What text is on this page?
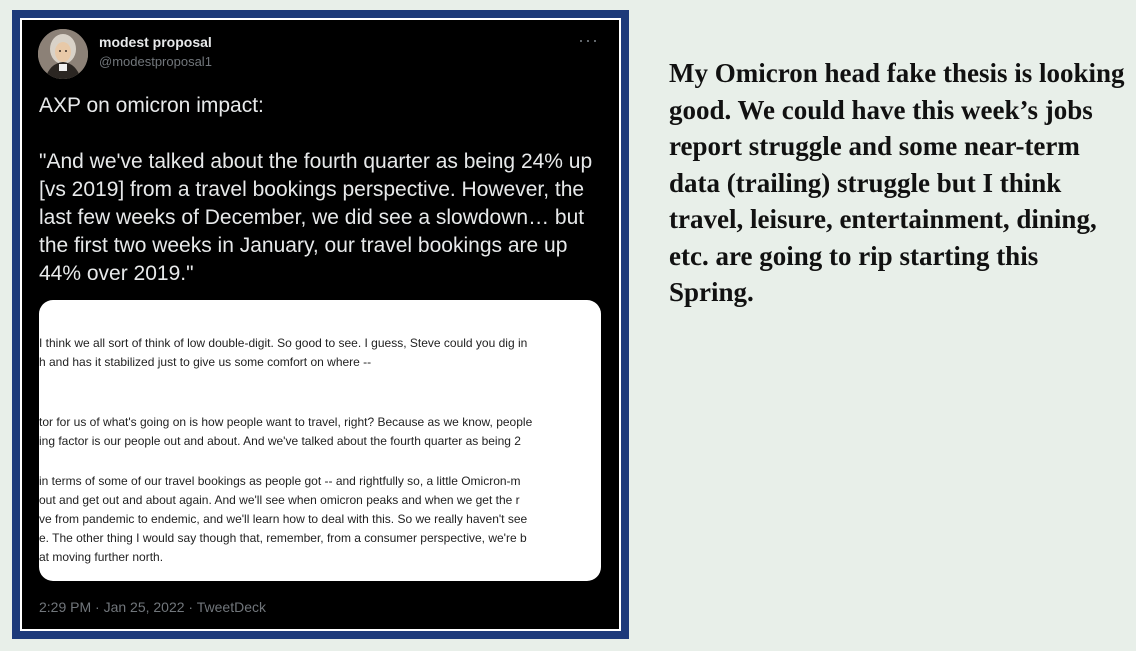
modest proposal
@modestproposal1
···

AXP on omicron impact:

"And we've talked about the fourth quarter as being 24% up [vs 2019] from a travel bookings perspective. However, the last few weeks of December, we did see a slowdown… but the first two weeks in January, our travel bookings are up 44% over 2019."

I think we all sort of think of low double-digit. So good to see. I guess, Steve could you dig in
h and has it stabilized just to give us some comfort on where --
tor for us of what's going on is how people want to travel, right? Because as we know, people
ing factor is our people out and about. And we've talked about the fourth quarter as being 2
in terms of some of our travel bookings as people got -- and rightfully so, a little Omicron-m
out and get out and about again. And we'll see when omicron peaks and when we get the r
ve from pandemic to endemic, and we'll learn how to deal with this. So we really haven't see
e. The other thing I would say though that, remember, from a consumer perspective, we're b
at moving further north.
2:29 PM · Jan 25, 2022 · TweetDeck
My Omicron head fake thesis is looking good. We could have this week’s jobs report struggle and some near-term data (trailing) struggle but I think travel, leisure, entertainment, dining, etc. are going to rip starting this Spring.
